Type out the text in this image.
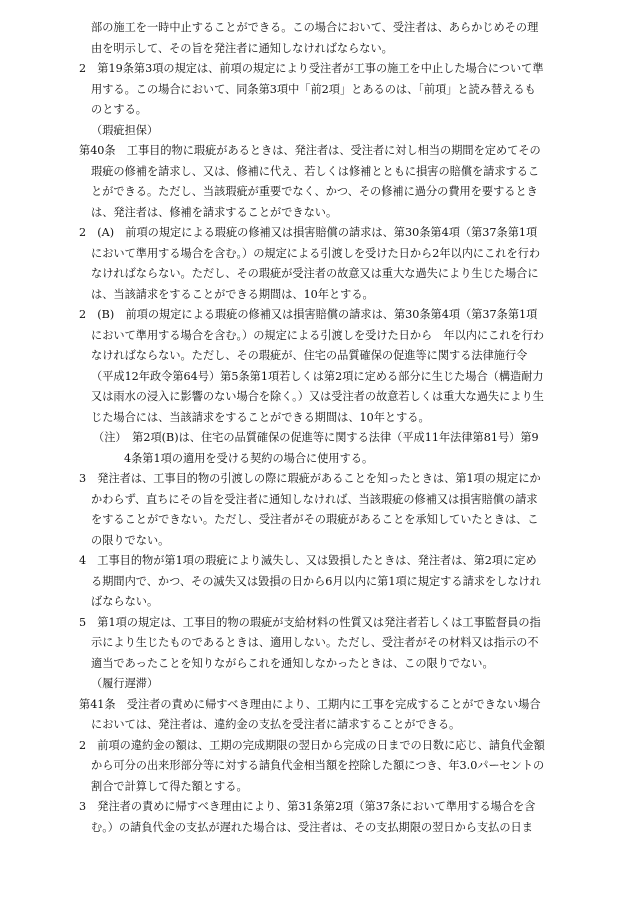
部の施工を一時中止することができる。この場合において、受注者は、あらかじめその理由を明示して、その旨を発注者に通知しなければならない。

2　第19条第3項の規定は、前項の規定により受注者が工事の施工を中止した場合について準用する。この場合において、同条第3項中「前2項」とあるのは、「前項」と読み替えるものとする。

（瑕疵担保）

第40条　工事目的物に瑕疵があるときは、発注者は、受注者に対し相当の期間を定めてその瑕疵の修補を請求し、又は、修補に代え、若しくは修補とともに損害の賠償を請求することができる。ただし、当該瑕疵が重要でなく、かつ、その修補に過分の費用を要するときは、発注者は、修補を請求することができない。

2　(A)　前項の規定による瑕疵の修補又は損害賠償の請求は、第30条第4項（第37条第1項において準用する場合を含む。）の規定による引渡しを受けた日から2年以内にこれを行わなければならない。ただし、その瑕疵が受注者の故意又は重大な過失により生じた場合には、当該請求をすることができる期間は、10年とする。

2　(B)　前項の規定による瑕疵の修補又は損害賠償の請求は、第30条第4項（第37条第1項において準用する場合を含む。）の規定による引渡しを受けた日から　年以内にこれを行わなければならない。ただし、その瑕疵が、住宅の品質確保の促進等に関する法律施行令（平成12年政令第64号）第5条第1項若しくは第2項に定める部分に生じた場合（構造耐力又は雨水の浸入に影響のない場合を除く。）又は受注者の故意若しくは重大な過失により生じた場合には、当該請求をすることができる期間は、10年とする。

（注）　第2項(B)は、住宅の品質確保の促進等に関する法律（平成11年法律第81号）第94条第1項の適用を受ける契約の場合に使用する。

3　発注者は、工事目的物の引渡しの際に瑕疵があることを知ったときは、第1項の規定にかかわらず、直ちにその旨を受注者に通知しなければ、当該瑕疵の修補又は損害賠償の請求をすることができない。ただし、受注者がその瑕疵があることを承知していたときは、この限りでない。

4　工事目的物が第1項の瑕疵により滅失し、又は毀損したときは、発注者は、第2項に定める期間内で、かつ、その滅失又は毀損の日から6月以内に第1項に規定する請求をしなければならない。

5　第1項の規定は、工事目的物の瑕疵が支給材料の性質又は発注者若しくは工事監督員の指示により生じたものであるときは、適用しない。ただし、受注者がその材料又は指示の不適当であったことを知りながらこれを通知しなかったときは、この限りでない。

（履行遅滞）

第41条　受注者の責めに帰すべき理由により、工期内に工事を完成することができない場合においては、発注者は、違約金の支払を受注者に請求することができる。

2　前項の違約金の額は、工期の完成期限の翌日から完成の日までの日数に応じ、請負代金額から可分の出来形部分等に対する請負代金相当額を控除した額につき、年3.0パーセントの割合で計算して得た額とする。

3　発注者の責めに帰すべき理由により、第31条第2項（第37条において準用する場合を含む。）の請負代金の支払が遅れた場合は、受注者は、その支払期限の翌日から支払の日ま
